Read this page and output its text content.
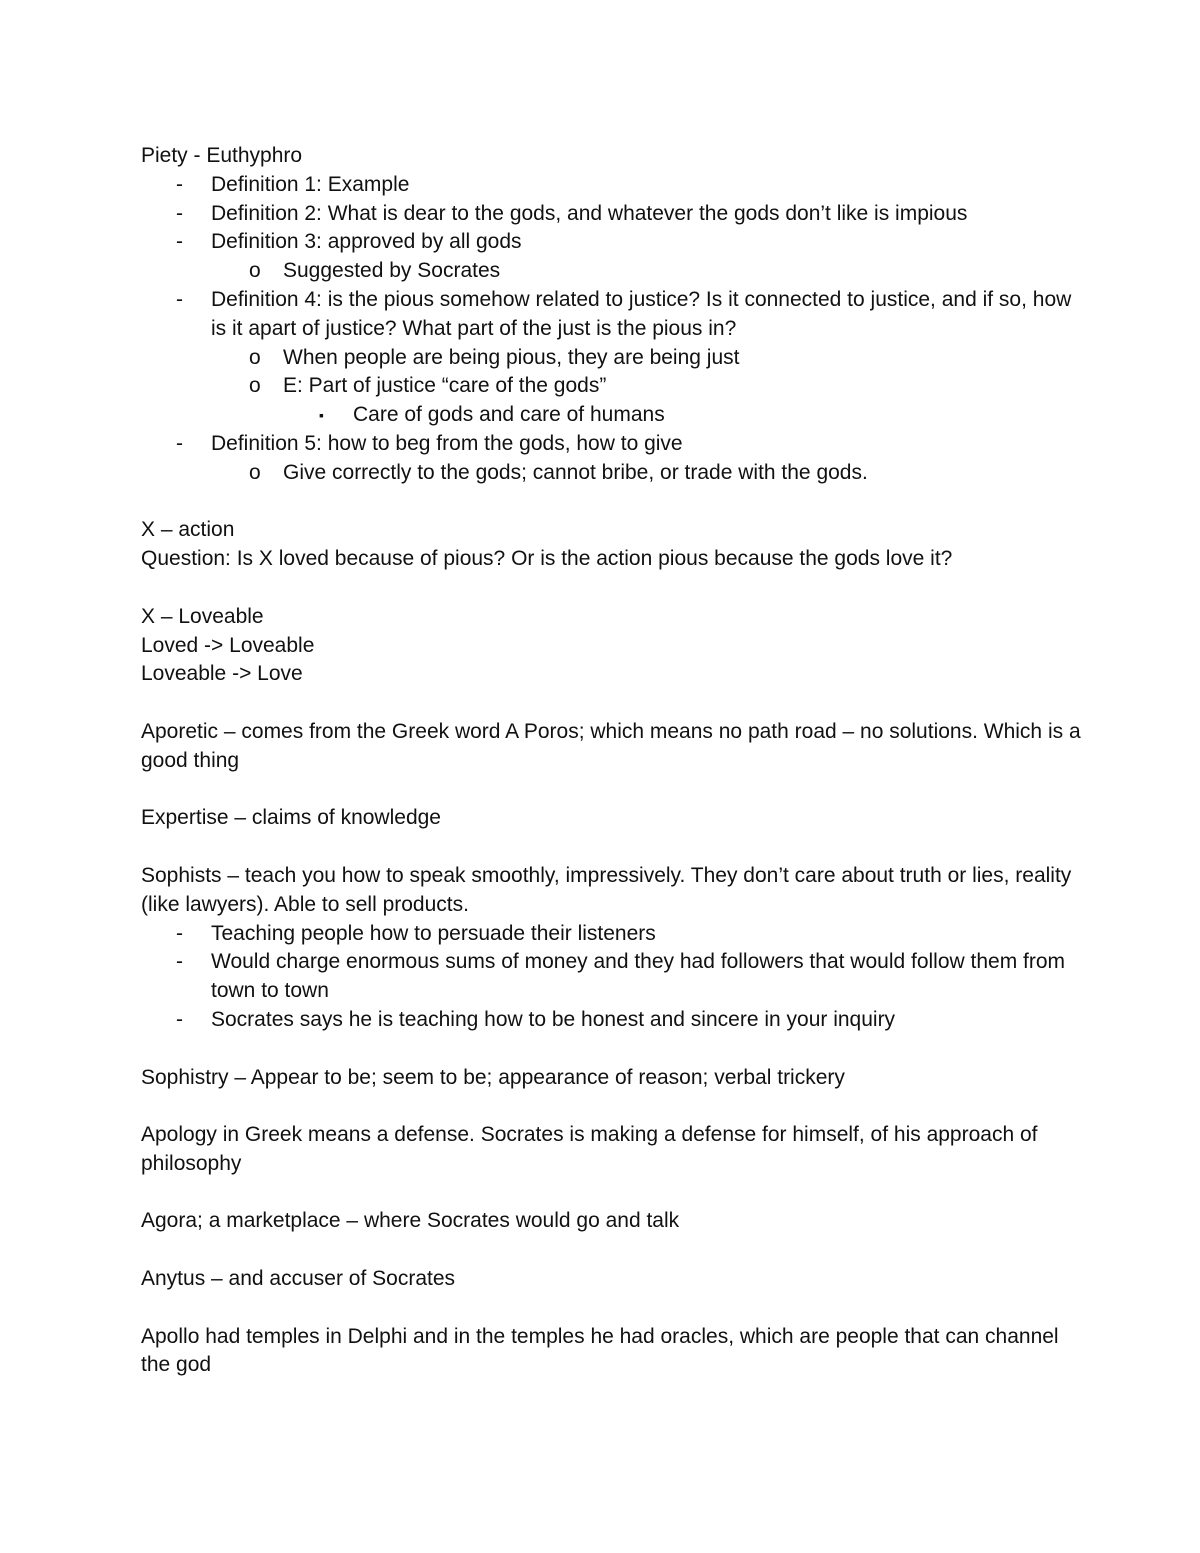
Piety - Euthyphro

- Definition 1: Example
- Definition 2: What is dear to the gods, and whatever the gods don’t like is impious
- Definition 3: approved by all gods
o Suggested by Socrates
- Definition 4: is the pious somehow related to justice? Is it connected to justice, and if so, how is it apart of justice? What part of the just is the pious in?
o When people are being pious, they are being just
o E: Part of justice “care of the gods”
▪ Care of gods and care of humans
- Definition 5: how to beg from the gods, how to give
o Give correctly to the gods; cannot bribe, or trade with the gods.

X – action

Question: Is X loved because of pious? Or is the action pious because the gods love it?

X – Loveable

Loved -> Loveable

Loveable -> Love

Aporetic – comes from the Greek word A Poros; which means no path road – no solutions. Which is a good thing

Expertise – claims of knowledge

Sophists – teach you how to speak smoothly, impressively. They don’t care about truth or lies, reality (like lawyers). Able to sell products.

- Teaching people how to persuade their listeners
- Would charge enormous sums of money and they had followers that would follow them from town to town
- Socrates says he is teaching how to be honest and sincere in your inquiry

Sophistry – Appear to be; seem to be; appearance of reason; verbal trickery

Apology in Greek means a defense. Socrates is making a defense for himself, of his approach of philosophy

Agora; a marketplace – where Socrates would go and talk

Anytus – and accuser of Socrates

Apollo had temples in Delphi and in the temples he had oracles, which are people that can channel the god
